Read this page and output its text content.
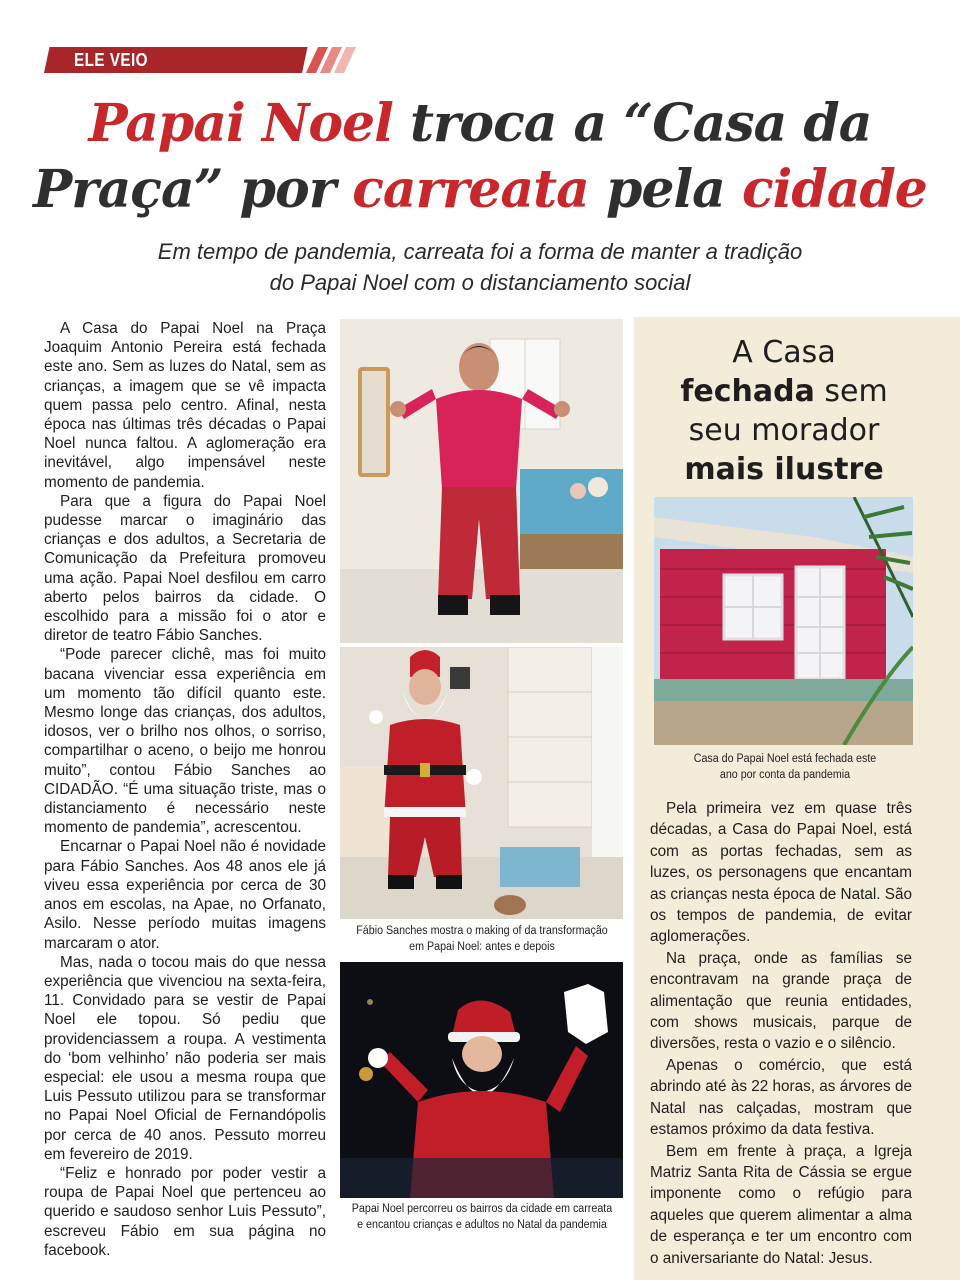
ELE VEIO
Papai Noel troca a “Casa da
Praça” por carreata pela cidade
Em tempo de pandemia, carreata foi a forma de manter a tradição
do Papai Noel com o distanciamento social

A Casa do Papai Noel na Praça Joaquim Antonio Pereira está fechada este ano. Sem as luzes do Natal, sem as crianças, a imagem que se vê impacta quem passa pelo centro. Afinal, nesta época nas últimas três décadas o Papai Noel nunca faltou. A aglomeração era inevitável, algo impensável neste momento de pandemia.

Para que a figura do Papai Noel pudesse marcar o imaginário das crianças e dos adultos, a Secretaria de Comunicação da Prefeitura promoveu uma ação. Papai Noel desfilou em carro aberto pelos bairros da cidade. O escolhido para a missão foi o ator e diretor de teatro Fábio Sanches.

“Pode parecer clichê, mas foi muito bacana vivenciar essa experiência em um momento tão difícil quanto este. Mesmo longe das crianças, dos adultos, idosos, ver o brilho nos olhos, o sorriso, compartilhar o aceno, o beijo me honrou muito”, contou Fábio Sanches ao CIDADÃO. “É uma situação triste, mas o distanciamento é necessário neste momento de pandemia”, acrescentou.

Encarnar o Papai Noel não é novidade para Fábio Sanches. Aos 48 anos ele já viveu essa experiência por cerca de 30 anos em escolas, na Apae, no Orfanato, Asilo. Nesse período muitas imagens marcaram o ator.

Mas, nada o tocou mais do que nessa experiência que vivenciou na sexta-feira, 11. Convidado para se vestir de Papai Noel ele topou. Só pediu que providenciassem a roupa. A vestimenta do ‘bom velhinho’ não poderia ser mais especial: ele usou a mesma roupa que Luis Pessuto utilizou para se transformar no Papai Noel Oficial de Fernandópolis por cerca de 40 anos. Pessuto morreu em fevereiro de 2019.

“Feliz e honrado por poder vestir a roupa de Papai Noel que pertenceu ao querido e saudoso senhor Luis Pessuto”, escreveu Fábio em sua página no facebook.

Fábio Sanches mostra o making of da transformação
em Papai Noel: antes e depois
Papai Noel percorreu os bairros da cidade em carreata
e encantou crianças e adultos no Natal da pandemia
A Casa
fechada sem
seu morador
mais ilustre
Casa do Papai Noel está fechada este
ano por conta da pandemia

Pela primeira vez em quase três décadas, a Casa do Papai Noel, está com as portas fechadas, sem as luzes, os personagens que encantam as crianças nesta época de Natal. São os tempos de pandemia, de evitar aglomerações.

Na praça, onde as famílias se encontravam na grande praça de alimentação que reunia entidades, com shows musicais, parque de diversões, resta o vazio e o silêncio.

Apenas o comércio, que está abrindo até às 22 horas, as árvores de Natal nas calçadas, mostram que estamos próximo da data festiva.

Bem em frente à praça, a Igreja Matriz Santa Rita de Cássia se ergue imponente como o refúgio para aqueles que querem alimentar a alma de esperança e ter um encontro com o aniversariante do Natal: Jesus.
